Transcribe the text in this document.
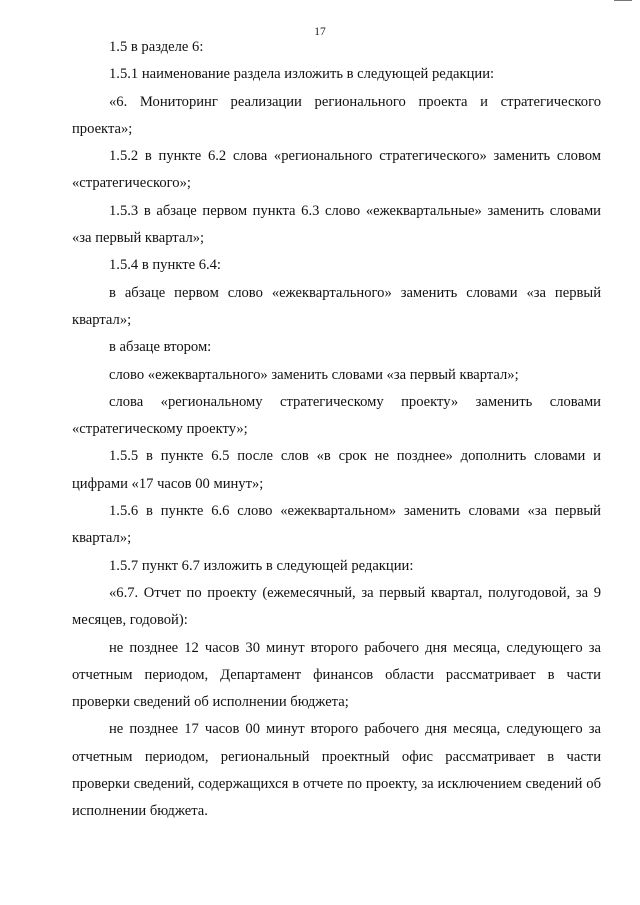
17

1.5 в разделе 6:

1.5.1 наименование раздела изложить в следующей редакции:

«6. Мониторинг реализации регионального проекта и стратегического проекта»;

1.5.2 в пункте 6.2 слова «регионального стратегического» заменить словом «стратегического»;

1.5.3 в абзаце первом пункта 6.3 слово «ежеквартальные» заменить словами «за первый квартал»;

1.5.4 в пункте 6.4:

в абзаце первом слово «ежеквартального» заменить словами «за первый квартал»;

в абзаце втором:

слово «ежеквартального» заменить словами «за первый квартал»;

слова «региональному стратегическому проекту» заменить словами «стратегическому проекту»;

1.5.5 в пункте 6.5 после слов «в срок не позднее» дополнить словами и цифрами «17 часов 00 минут»;

1.5.6 в пункте 6.6 слово «ежеквартальном» заменить словами «за первый квартал»;

1.5.7 пункт 6.7 изложить в следующей редакции:

«6.7. Отчет по проекту (ежемесячный, за первый квартал, полугодовой, за 9 месяцев, годовой):

не позднее 12 часов 30 минут второго рабочего дня месяца, следующего за отчетным периодом, Департамент финансов области рассматривает в части проверки сведений об исполнении бюджета;

не позднее 17 часов 00 минут второго рабочего дня месяца, следующего за отчетным периодом, региональный проектный офис рассматривает в части проверки сведений, содержащихся в отчете по проекту, за исключением сведений об исполнении бюджета.
